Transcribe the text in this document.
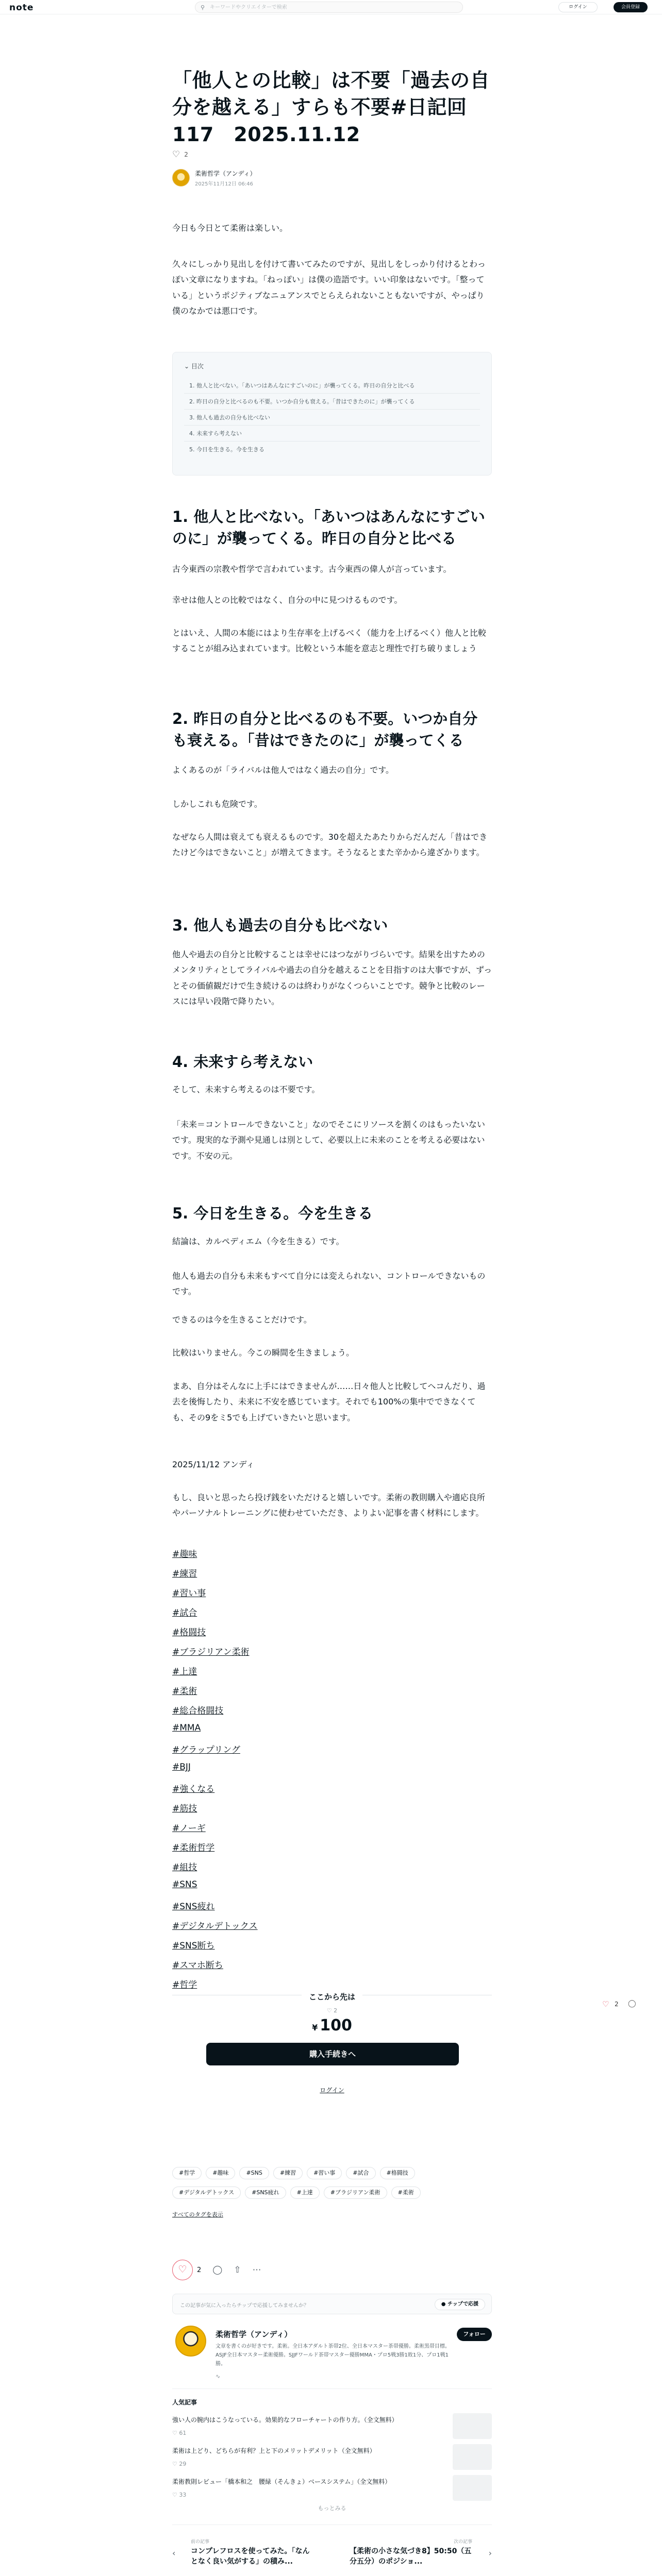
note	⚲
キーワードやクリエイターで検索	ログイン	会員登録
「他人との比較」は不要「過去の自分を越える」すらも不要#日記回117　2025.11.12
♡ 2
柔術哲学（アンディ）
2025年11月12日 06:46

今日も今日とて柔術は楽しい。

久々にしっかり見出しを付けて書いてみたのですが、見出しをしっかり付けるとわっぽい文章になりますね。「ねっぽい」は僕の造語です。いい印象はないです。「整っている」というポジティブなニュアンスでとらえられないこともないですが、やっぱり僕のなかでは悪口です。

⌄ 目次
1. 他人と比べない。「あいつはあんなにすごいのに」が襲ってくる。昨日の自分と比べる
2. 昨日の自分と比べるのも不要。いつか自分も衰える。「昔はできたのに」が襲ってくる
3. 他人も過去の自分も比べない
4. 未来すら考えない
5. 今日を生きる。今を生きる
1. 他人と比べない。「あいつはあんなにすごいのに」が襲ってくる。昨日の自分と比べる

古今東西の宗教や哲学で言われています。古今東西の偉人が言っています。

幸せは他人との比較ではなく、自分の中に見つけるものです。

とはいえ、人間の本能にはより生存率を上げるべく（能力を上げるべく）他人と比較することが組み込まれています。比較という本能を意志と理性で打ち破りましょう

2. 昨日の自分と比べるのも不要。いつか自分も衰える。「昔はできたのに」が襲ってくる

よくあるのが「ライバルは他人ではなく過去の自分」です。

しかしこれも危険です。

なぜなら人間は衰えても衰えるものです。30を超えたあたりからだんだん「昔はできたけど今はできないこと」が増えてきます。そうなるとまた辛かから違ざかります。

3. 他人も過去の自分も比べない

他人や過去の自分と比較することは幸せにはつながりづらいです。結果を出すためのメンタリティとしてライバルや過去の自分を越えることを目指すのは大事ですが、ずっとその価値観だけで生き続けるのは終わりがなくつらいことです。競争と比較のレースには早い段階で降りたい。

4. 未来すら考えない

そして、未来すら考えるのは不要です。

「未来＝コントロールできないこと」なのでそこにリソースを割くのはもったいないです。現実的な予測や見通しは別として、必要以上に未来のことを考える必要はないです。不安の元。

5. 今日を生きる。今を生きる

結論は、カルペディエム（今を生きる）です。

他人も過去の自分も未来もすべて自分には変えられない、コントロールできないものです。

できるのは今を生きることだけです。

比較はいりません。今この瞬間を生きましょう。

まあ、自分はそんなに上手にはできませんが……日々他人と比較してヘコんだり、過去を後悔したり、未来に不安を感じています。それでも100%の集中でできなくても、その9をミ5でも上げていきたいと思います。

2025/11/12 アンディ

もし、良いと思ったら投げ銭をいただけると嬉しいです。柔術の教則購入や適応良所やパーソナルトレーニングに使わせていただき、よりよい記事を書く材料にします。

#趣味
#練習
#習い事
#試合
#格闘技
#ブラジリアン柔術
#上達
#柔術
#総合格闘技
#MMA
#グラップリング
#BJJ
#強くなる
#筋技
#ノーギ
#柔術哲学
#組技
#SNS
#SNS疲れ
#デジタルデトックス
#SNS断ち
#スマホ断ち
#哲学
ここから先は
♡ 2
¥ 100
購入手続きへ
ログイン
#哲学	#趣味	#SNS	#練習	#習い事	#試合	#格闘技
#デジタルデトックス	#SNS疲れ	#上達	#ブラジリアン柔術	#柔術
すべてのタグを表示
♡	2 ◯ ⇧ ⋯
この記事が気に入ったらチップで応援してみませんか？	● チップで応援
柔術哲学（アンディ）
文章を書くのが好きです。柔術。全日本アダルト茶帯2位、全日本マスター茶帯優勝。柔術黒帯目標。ASJF全日本マスター柔術優勝。SJJFワールド茶帯マスター優勝MMA・プロ5戦3勝1敗1分、プロ1戦1勝。
フォロー
∿
人気記事
強い人の腕内はこうなっている。効果的なフローチャートの作り方。（全文無料）
♡ 61
柔術は上どり、どちらが有利？上と下のメリットデメリット（全文無料）
♡ 29
柔術教則レビュー「橋本和之　腰緑（そんきょ）ベースシステム」（全文無料）
♡ 33
もっとみる
‹
前の記事
コンプレフロスを使ってみた。「なんとなく良い気がする」の積み...
次の記事
【柔術の小さな気づき8】50:50（五分五分）のポジショ...
›
♡ 2 ◯
